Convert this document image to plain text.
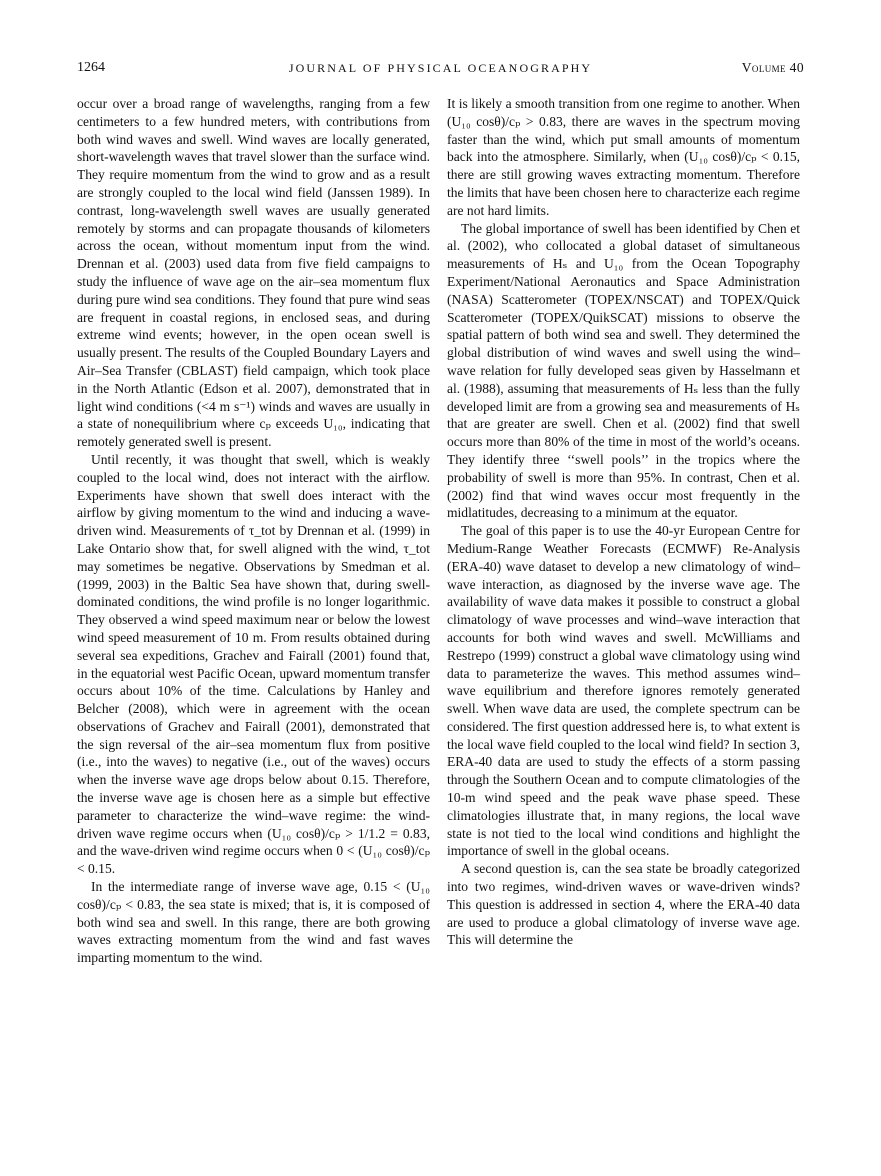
1264	JOURNAL OF PHYSICAL OCEANOGRAPHY	Volume 40

occur over a broad range of wavelengths, ranging from a few centimeters to a few hundred meters, with contributions from both wind waves and swell. Wind waves are locally generated, short-wavelength waves that travel slower than the surface wind. They require momentum from the wind to grow and as a result are strongly coupled to the local wind field (Janssen 1989). In contrast, long-wavelength swell waves are usually generated remotely by storms and can propagate thousands of kilometers across the ocean, without momentum input from the wind. Drennan et al. (2003) used data from five field campaigns to study the influence of wave age on the air–sea momentum flux during pure wind sea conditions. They found that pure wind seas are frequent in coastal regions, in enclosed seas, and during extreme wind events; however, in the open ocean swell is usually present. The results of the Coupled Boundary Layers and Air–Sea Transfer (CBLAST) field campaign, which took place in the North Atlantic (Edson et al. 2007), demonstrated that in light wind conditions (<4 m s⁻¹) winds and waves are usually in a state of nonequilibrium where cₚ exceeds U₁₀, indicating that remotely generated swell is present.

Until recently, it was thought that swell, which is weakly coupled to the local wind, does not interact with the airflow. Experiments have shown that swell does interact with the airflow by giving momentum to the wind and inducing a wave-driven wind. Measurements of τ_tot by Drennan et al. (1999) in Lake Ontario show that, for swell aligned with the wind, τ_tot may sometimes be negative. Observations by Smedman et al. (1999, 2003) in the Baltic Sea have shown that, during swell-dominated conditions, the wind profile is no longer logarithmic. They observed a wind speed maximum near or below the lowest wind speed measurement of 10 m. From results obtained during several sea expeditions, Grachev and Fairall (2001) found that, in the equatorial west Pacific Ocean, upward momentum transfer occurs about 10% of the time. Calculations by Hanley and Belcher (2008), which were in agreement with the ocean observations of Grachev and Fairall (2001), demonstrated that the sign reversal of the air–sea momentum flux from positive (i.e., into the waves) to negative (i.e., out of the waves) occurs when the inverse wave age drops below about 0.15. Therefore, the inverse wave age is chosen here as a simple but effective parameter to characterize the wind–wave regime: the wind-driven wave regime occurs when (U₁₀ cosθ)/cₚ > 1/1.2 = 0.83, and the wave-driven wind regime occurs when 0 < (U₁₀ cosθ)/cₚ < 0.15.

In the intermediate range of inverse wave age, 0.15 < (U₁₀ cosθ)/cₚ < 0.83, the sea state is mixed; that is, it is composed of both wind sea and swell. In this range, there are both growing waves extracting momentum from the wind and fast waves imparting momentum to the wind.

It is likely a smooth transition from one regime to another. When (U₁₀ cosθ)/cₚ > 0.83, there are waves in the spectrum moving faster than the wind, which put small amounts of momentum back into the atmosphere. Similarly, when (U₁₀ cosθ)/cₚ < 0.15, there are still growing waves extracting momentum. Therefore the limits that have been chosen here to characterize each regime are not hard limits.

The global importance of swell has been identified by Chen et al. (2002), who collocated a global dataset of simultaneous measurements of Hₛ and U₁₀ from the Ocean Topography Experiment/National Aeronautics and Space Administration (NASA) Scatterometer (TOPEX/NSCAT) and TOPEX/Quick Scatterometer (TOPEX/QuikSCAT) missions to observe the spatial pattern of both wind sea and swell. They determined the global distribution of wind waves and swell using the wind–wave relation for fully developed seas given by Hasselmann et al. (1988), assuming that measurements of Hₛ less than the fully developed limit are from a growing sea and measurements of Hₛ that are greater are swell. Chen et al. (2002) find that swell occurs more than 80% of the time in most of the world’s oceans. They identify three ‘‘swell pools’’ in the tropics where the probability of swell is more than 95%. In contrast, Chen et al. (2002) find that wind waves occur most frequently in the midlatitudes, decreasing to a minimum at the equator.

The goal of this paper is to use the 40-yr European Centre for Medium-Range Weather Forecasts (ECMWF) Re-Analysis (ERA-40) wave dataset to develop a new climatology of wind–wave interaction, as diagnosed by the inverse wave age. The availability of wave data makes it possible to construct a global climatology of wave processes and wind–wave interaction that accounts for both wind waves and swell. McWilliams and Restrepo (1999) construct a global wave climatology using wind data to parameterize the waves. This method assumes wind–wave equilibrium and therefore ignores remotely generated swell. When wave data are used, the complete spectrum can be considered. The first question addressed here is, to what extent is the local wave field coupled to the local wind field? In section 3, ERA-40 data are used to study the effects of a storm passing through the Southern Ocean and to compute climatologies of the 10-m wind speed and the peak wave phase speed. These climatologies illustrate that, in many regions, the local wave state is not tied to the local wind conditions and highlight the importance of swell in the global oceans.

A second question is, can the sea state be broadly categorized into two regimes, wind-driven waves or wave-driven winds? This question is addressed in section 4, where the ERA-40 data are used to produce a global climatology of inverse wave age. This will determine the
